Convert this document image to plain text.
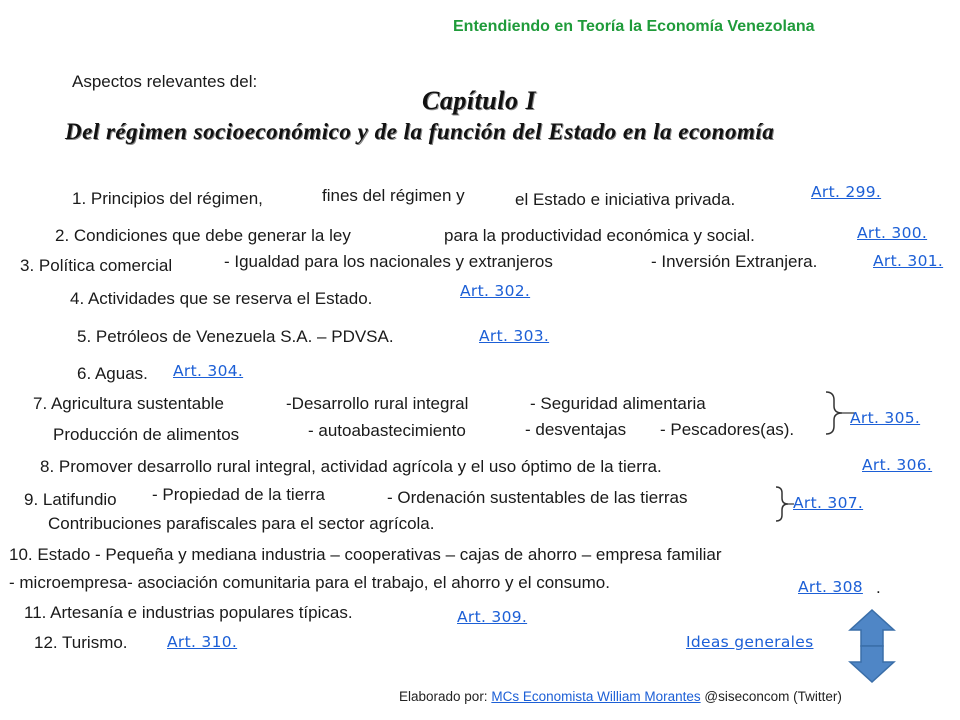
Entendiendo en Teoría la Economía Venezolana
Aspectos relevantes del:
Capítulo I
Del régimen socioeconómico y de la función del Estado en la economía
1. Principios del régimen,	fines del régimen y	el Estado e iniciativa privada.	Art. 299.
2. Condiciones que debe generar la ley	para la productividad económica y social.	Art. 300.
3. Política comercial	- Igualdad para los nacionales y extranjeros	- Inversión Extranjera.	Art. 301.
4. Actividades que se reserva el Estado.	Art. 302.
5. Petróleos de Venezuela S.A. – PDVSA.	Art. 303.
6. Aguas. Art. 304.
7. Agricultura sustentable	-Desarrollo rural integral	- Seguridad alimentaria
Producción de alimentos	- autoabastecimiento	- desventajas - Pescadores(as).
Art. 305.
8. Promover desarrollo rural integral, actividad agrícola y el uso óptimo de la tierra.	Art. 306.
9. Latifundio - Propiedad de la tierra	- Ordenación sustentables de las tierras
Contribuciones parafiscales para el sector agrícola.
Art. 307.
10. Estado - Pequeña y mediana industria – cooperativas – cajas de ahorro – empresa familiar
- microempresa- asociación comunitaria para el trabajo, el ahorro y el consumo.	Art. 308 .
11. Artesanía e industrias populares típicas.	Art. 309.
12. Turismo.	Art. 310.	Ideas generales
Elaborado por: MCs Economista William Morantes @siseconcom (Twitter)
